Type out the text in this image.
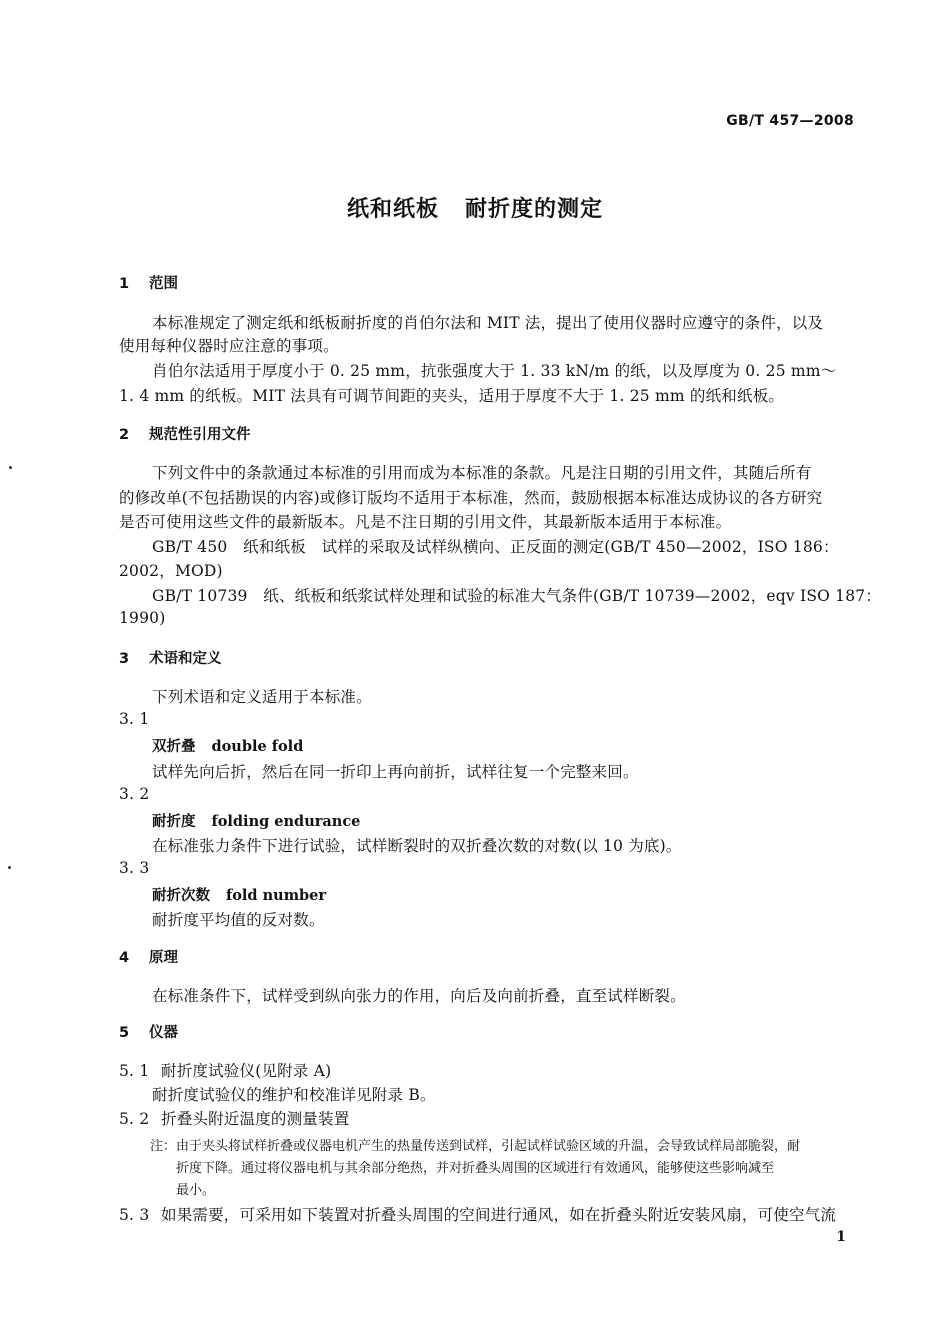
GB/T 457—2008
纸和纸板 耐折度的测定
1 范围
本标准规定了测定纸和纸板耐折度的肖伯尔法和 MIT 法，提出了使用仪器时应遵守的条件，以及
使用每种仪器时应注意的事项。
肖伯尔法适用于厚度小于 0. 25 mm，抗张强度大于 1. 33 kN/m 的纸，以及厚度为 0. 25 mm～
1. 4 mm 的纸板。MIT 法具有可调节间距的夹头，适用于厚度不大于 1. 25 mm 的纸和纸板。
2 规范性引用文件
下列文件中的条款通过本标准的引用而成为本标准的条款。凡是注日期的引用文件，其随后所有
的修改单(不包括勘误的内容)或修订版均不适用于本标准，然而，鼓励根据本标准达成协议的各方研究
是否可使用这些文件的最新版本。凡是不注日期的引用文件，其最新版本适用于本标准。
GB/T 450　纸和纸板　试样的采取及试样纵横向、正反面的测定(GB/T 450—2002，ISO 186：
2002，MOD)
GB/T 10739　纸、纸板和纸浆试样处理和试验的标准大气条件(GB/T 10739—2002，eqv ISO 187：
1990)
3 术语和定义
下列术语和定义适用于本标准。
3. 1
双折叠 double fold
试样先向后折，然后在同一折印上再向前折，试样往复一个完整来回。
3. 2
耐折度 folding endurance
在标准张力条件下进行试验，试样断裂时的双折叠次数的对数(以 10 为底)。
3. 3
耐折次数 fold number
耐折度平均值的反对数。
4 原理
在标准条件下，试样受到纵向张力的作用，向后及向前折叠，直至试样断裂。
5 仪器
5. 1 耐折度试验仪(见附录 A)
耐折度试验仪的维护和校准详见附录 B。
5. 2 折叠头附近温度的测量装置
注：由于夹头将试样折叠或仪器电机产生的热量传送到试样，引起试样试验区域的升温，会导致试样局部脆裂，耐
折度下降。通过将仪器电机与其余部分绝热，并对折叠头周围的区域进行有效通风，能够使这些影响减至
最小。
5. 3 如果需要，可采用如下装置对折叠头周围的空间进行通风，如在折叠头附近安装风扇，可使空气流
1
